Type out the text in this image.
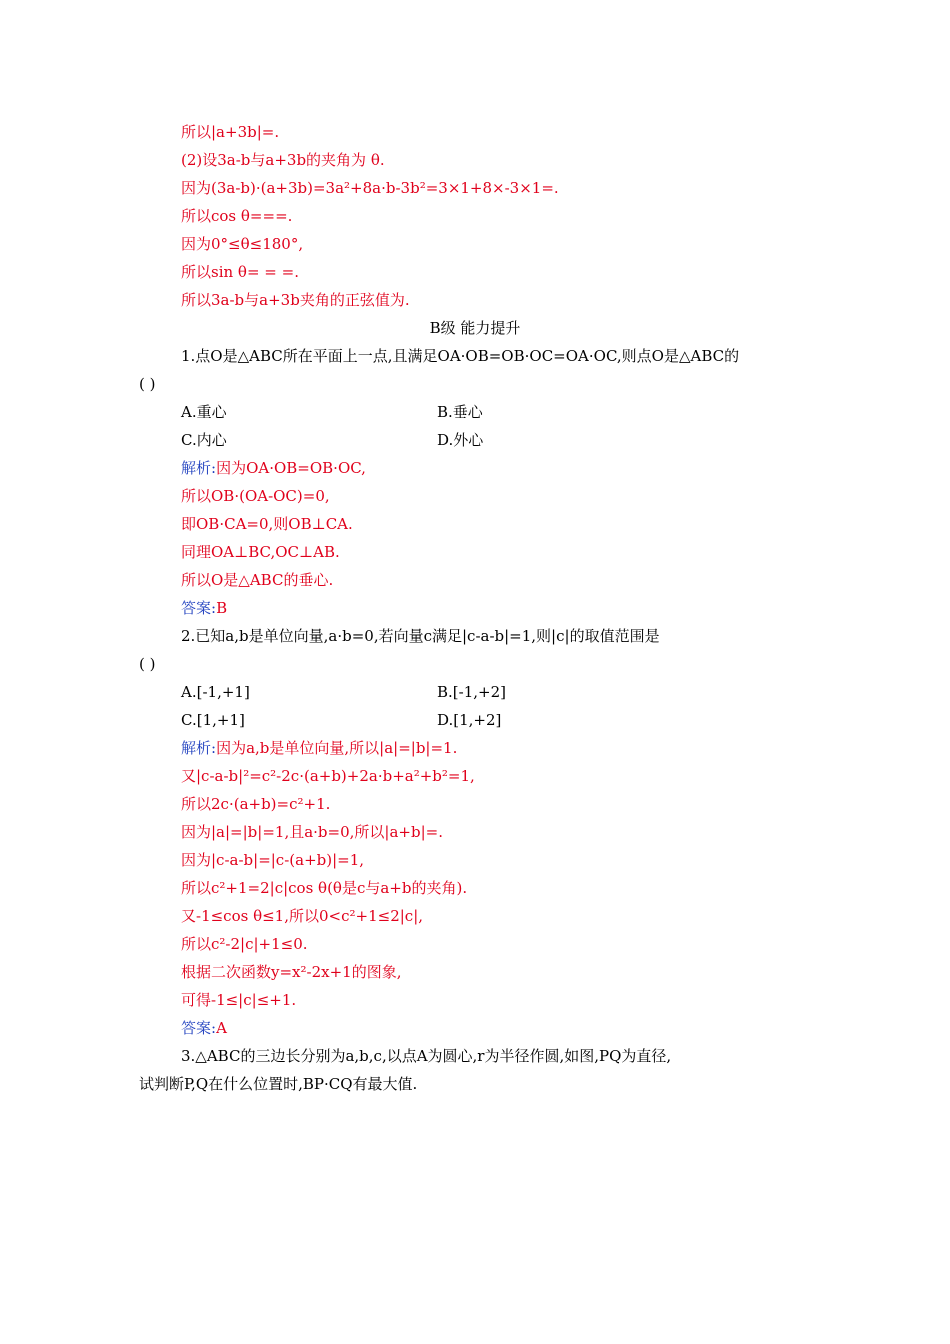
所以|a+3b|=.
(2)设3a-b与a+3b的夹角为 θ.
因为(3a-b)·(a+3b)=3a²+8a·b-3b²=3×1+8×-3×1=.
所以cos θ===.
因为0°≤θ≤180°,
所以sin θ= = =.
所以3a-b与a+3b夹角的正弦值为.
B级 能力提升
1.点O是△ABC所在平面上一点,且满足OA·OB=OB·OC=OA·OC,则点O是△ABC的
( )
A.重心	B.垂心
C.内心	D.外心
解析:因为OA·OB=OB·OC,
所以OB·(OA-OC)=0,
即OB·CA=0,则OB⊥CA.
同理OA⊥BC,OC⊥AB.
所以O是△ABC的垂心.
答案:B
2.已知a,b是单位向量,a·b=0,若向量c满足|c-a-b|=1,则|c|的取值范围是
( )
A.[-1,+1]	B.[-1,+2]
C.[1,+1]	D.[1,+2]
解析:因为a,b是单位向量,所以|a|=|b|=1.
又|c-a-b|²=c²-2c·(a+b)+2a·b+a²+b²=1,
所以2c·(a+b)=c²+1.
因为|a|=|b|=1,且a·b=0,所以|a+b|=.
因为|c-a-b|=|c-(a+b)|=1,
所以c²+1=2|c|cos θ(θ是c与a+b的夹角).
又-1≤cos θ≤1,所以0<c²+1≤2|c|,
所以c²-2|c|+1≤0.
根据二次函数y=x²-2x+1的图象,
可得-1≤|c|≤+1.
答案:A
3.△ABC的三边长分别为a,b,c,以点A为圆心,r为半径作圆,如图,PQ为直径,
试判断P,Q在什么位置时,BP·CQ有最大值.
